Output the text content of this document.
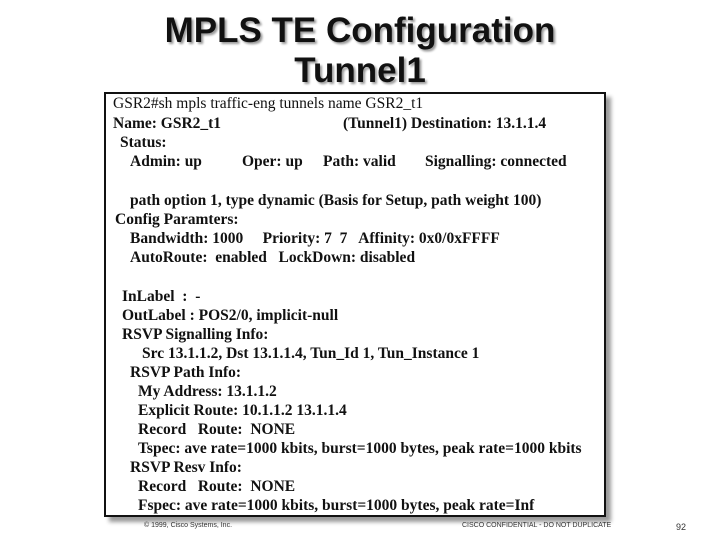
MPLS TE Configuration
Tunnel1
GSR2#sh mpls traffic-eng tunnels name GSR2_t1
Name: GSR2_t1	(Tunnel1) Destination: 13.1.1.4
Status:
Admin: up	Oper: up Path: valid Signalling: connected
path option 1, type dynamic (Basis for Setup, path weight 100)
Config Paramters:
Bandwidth: 1000     Priority: 7  7   Affinity: 0x0/0xFFFF
AutoRoute:  enabled   LockDown: disabled
InLabel  :  -
OutLabel : POS2/0, implicit-null
RSVP Signalling Info:
Src 13.1.1.2, Dst 13.1.1.4, Tun_Id 1, Tun_Instance 1
RSVP Path Info:
My Address: 13.1.1.2
Explicit Route: 10.1.1.2 13.1.1.4
Record   Route:  NONE
Tspec: ave rate=1000 kbits, burst=1000 bytes, peak rate=1000 kbits
RSVP Resv Info:
Record   Route:  NONE
Fspec: ave rate=1000 kbits, burst=1000 bytes, peak rate=Inf
© 1999, Cisco Systems, Inc.	CISCO CONFIDENTIAL - DO NOT DUPLICATE	92
